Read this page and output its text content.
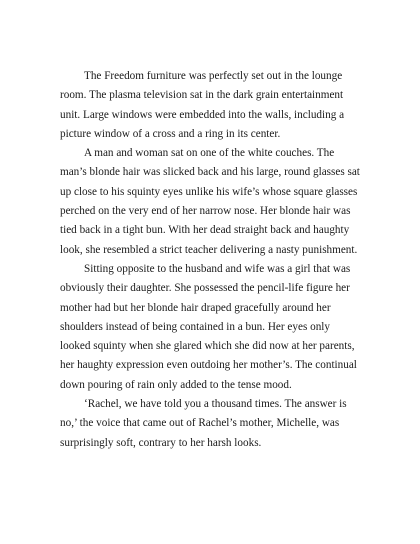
The Freedom furniture was perfectly set out in the lounge room. The plasma television sat in the dark grain entertainment unit. Large windows were embedded into the walls, including a picture window of a cross and a ring in its center.

A man and woman sat on one of the white couches. The man’s blonde hair was slicked back and his large, round glasses sat up close to his squinty eyes unlike his wife’s whose square glasses perched on the very end of her narrow nose. Her blonde hair was tied back in a tight bun. With her dead straight back and haughty look, she resembled a strict teacher delivering a nasty punishment.

Sitting opposite to the husband and wife was a girl that was obviously their daughter. She possessed the pencil-life figure her mother had but her blonde hair draped gracefully around her shoulders instead of being contained in a bun. Her eyes only looked squinty when she glared which she did now at her parents, her haughty expression even outdoing her mother’s. The continual down pouring of rain only added to the tense mood.

‘Rachel, we have told you a thousand times. The answer is no,’ the voice that came out of Rachel’s mother, Michelle, was surprisingly soft, contrary to her harsh looks.
